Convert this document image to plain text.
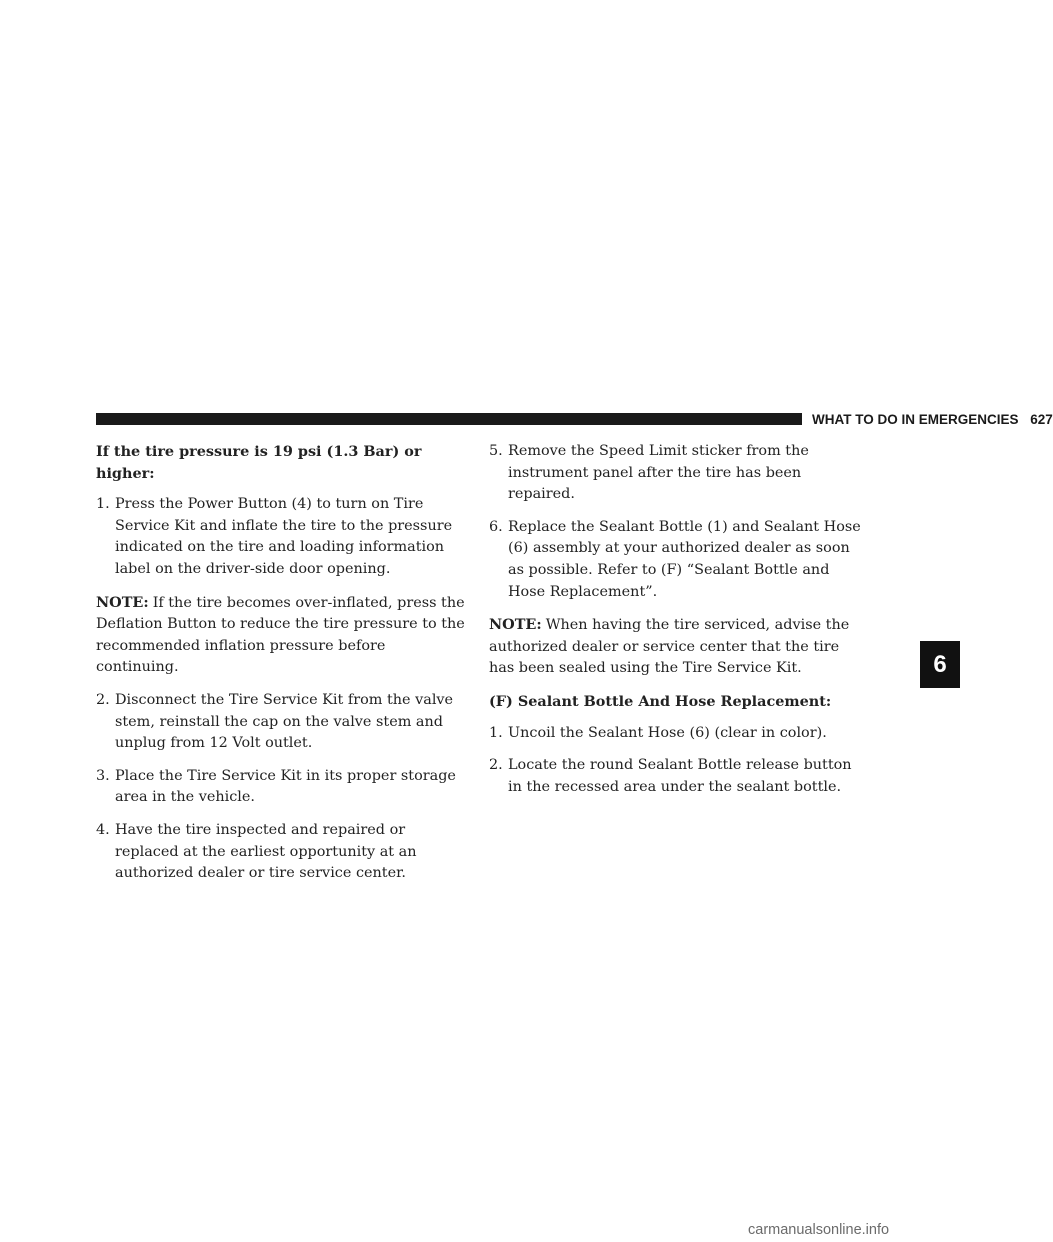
WHAT TO DO IN EMERGENCIES 627

If the tire pressure is 19 psi (1.3 Bar) or higher:

1. Press the Power Button (4) to turn on Tire Service Kit and inflate the tire to the pressure indicated on the tire and loading information label on the driver-side door opening.

NOTE: If the tire becomes over-inflated, press the Deflation Button to reduce the tire pressure to the recommended inflation pressure before continuing.

2. Disconnect the Tire Service Kit from the valve stem, reinstall the cap on the valve stem and unplug from 12 Volt outlet.

3. Place the Tire Service Kit in its proper storage area in the vehicle.

4. Have the tire inspected and repaired or replaced at the earliest opportunity at an authorized dealer or tire service center.

5. Remove the Speed Limit sticker from the instrument panel after the tire has been repaired.

6. Replace the Sealant Bottle (1) and Sealant Hose (6) assembly at your authorized dealer as soon as possible. Refer to (F) “Sealant Bottle and Hose Replacement”.

NOTE: When having the tire serviced, advise the authorized dealer or service center that the tire has been sealed using the Tire Service Kit.

(F) Sealant Bottle And Hose Replacement:

1. Uncoil the Sealant Hose (6) (clear in color).

2. Locate the round Sealant Bottle release button in the recessed area under the sealant bottle.

6
carmanualsonline.info
